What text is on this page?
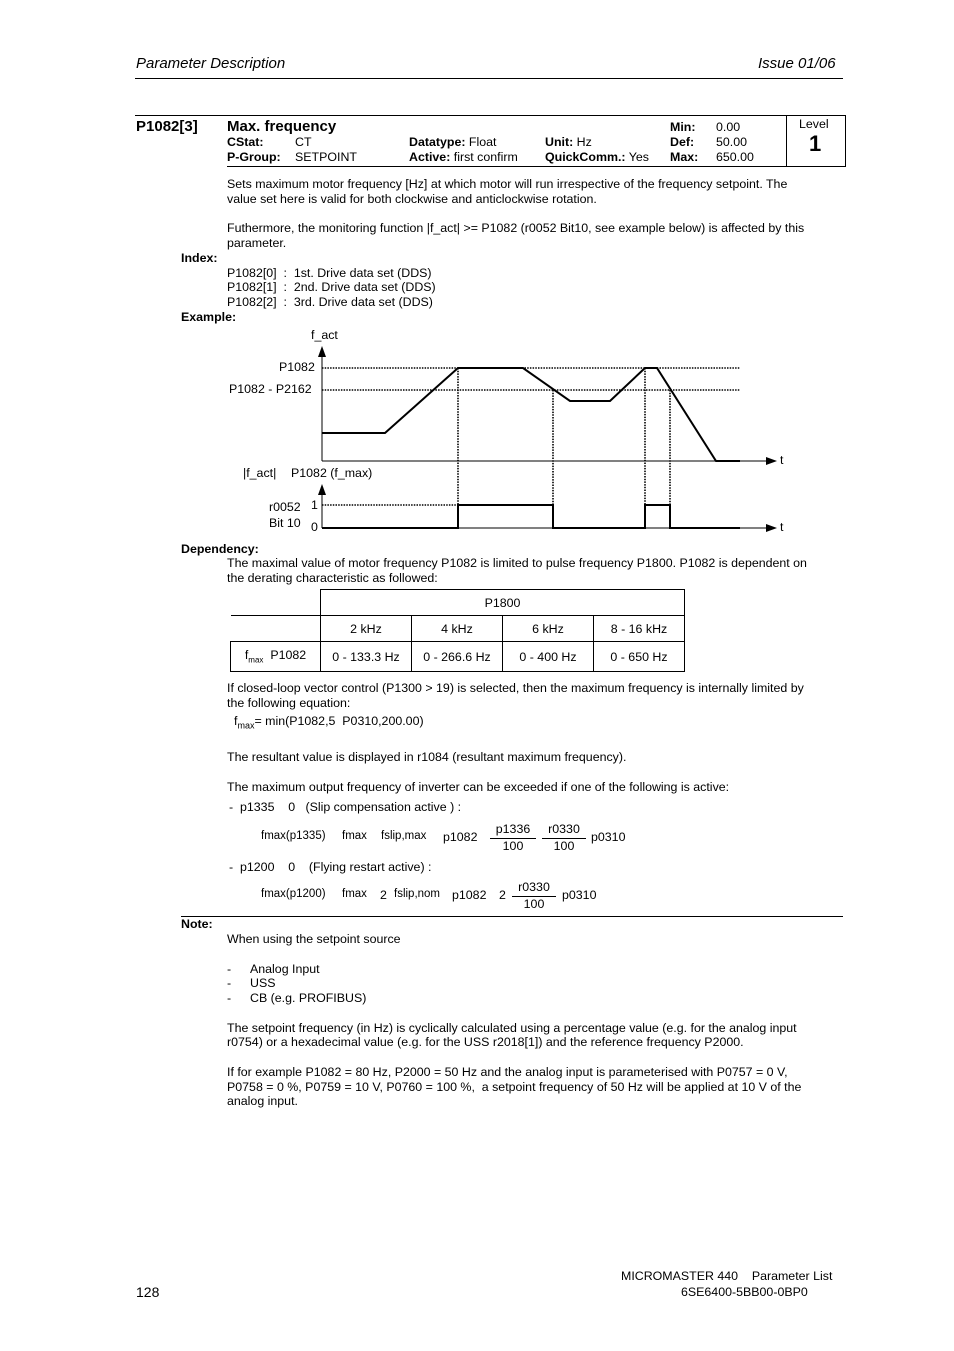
Parameter Description	Issue 01/06
P1082[3] Max. frequency
CStat:	CT
P-Group: SETPOINT
Datatype: Float
Active: first confirm
Unit: Hz
QuickComm.: Yes
Min: 0.00
Def: 50.00
Max: 650.00
Level
1
Sets maximum motor frequency [Hz] at which motor will run irrespective of the frequency setpoint. The
value set here is valid for both clockwise and anticlockwise rotation.
Futhermore, the monitoring function |f_act| >= P1082 (r0052 Bit10, see example below) is affected by this
parameter.
Index:
P1082[0]  :  1st. Drive data set (DDS)
P1082[1]  :  2nd. Drive data set (DDS)
P1082[2]  :  3rd. Drive data set (DDS)
Example:
f_act
P1082
P1082 - P2162
t
|f_act| P1082 (f_max)
r0052
Bit 10
1
0	t
Dependency:
The maximal value of motor frequency P1082 is limited to pulse frequency P1800. P1082 is dependent on
the derating characteristic as followed:
	P1800			
	2 kHz	4 kHz	6 kHz	8 - 16 kHz
$f_{max}$ P1082	0 - 133.3 Hz	0 - 266.6 Hz	0 - 400 Hz	0 - 650 Hz
If closed-loop vector control (P1300 > 19) is selected, then the maximum frequency is internally limited by
the following equation:
$f_{max}= \min(P1082,5$  P0310,200.00)
The resultant value is displayed in r1084 (resultant maximum frequency).
The maximum output frequency of inverter can be exceeded if one of the following is active:
-  p1335    0   (Slip compensation active ) :
fmax(p1335) fmax fslip,max $p1082 \frac{p1336}{100} \frac{r0330}{100} p0310$
-  p1200    0    (Flying restart active) :
fmax(p1200) fmax 2 fslip,nom p1082 $2 \frac{r0330}{100} p0310$
Note:
When using the setpoint source
- Analog Input
- USS
- CB (e.g. PROFIBUS)
The setpoint frequency (in Hz) is cyclically calculated using a percentage value (e.g. for the analog input
r0754) or a hexadecimal value (e.g. for the USS r2018[1]) and the reference frequency P2000.
If for example P1082 = 80 Hz, P2000 = 50 Hz and the analog input is parameterised with P0757 = 0 V,
P0758 = 0 %, P0759 = 10 V, P0760 = 100 %,  a setpoint frequency of 50 Hz will be applied at 10 V of the
analog input.
128
MICROMASTER 440    Parameter List
6SE6400-5BB00-0BP0
